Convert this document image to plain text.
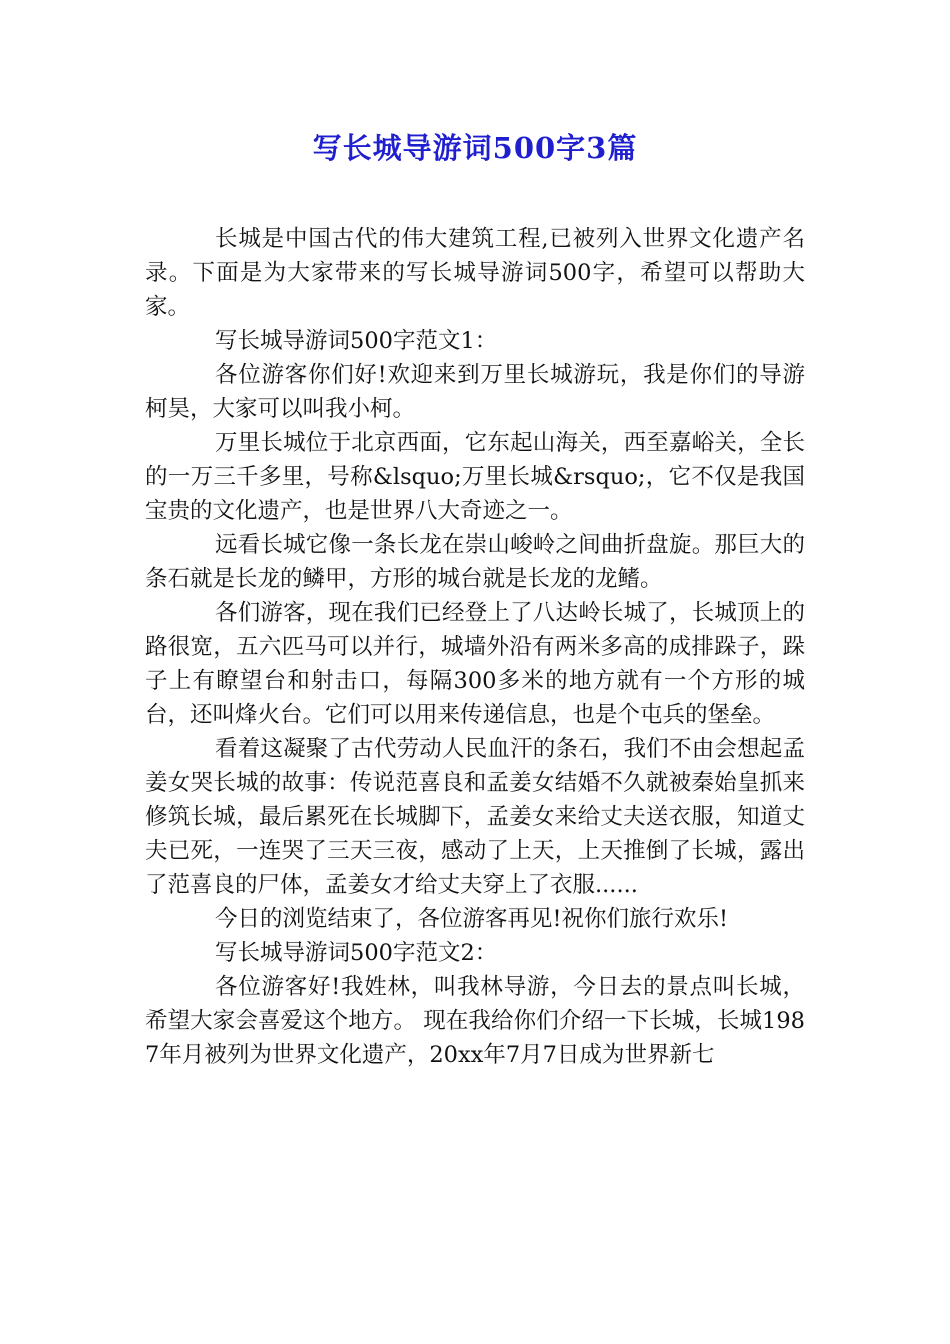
写长城导游词500字3篇

长城是中国古代的伟大建筑工程,已被列入世界文化遗产名录。下面是为大家带来的写长城导游词500字，希望可以帮助大家。

写长城导游词500字范文1：

各位游客你们好!欢迎来到万里长城游玩，我是你们的导游柯昊，大家可以叫我小柯。

万里长城位于北京西面，它东起山海关，西至嘉峪关，全长的一万三千多里，号称&lsquo;万里长城&rsquo;，它不仅是我国宝贵的文化遗产，也是世界八大奇迹之一。

远看长城它像一条长龙在崇山峻岭之间曲折盘旋。那巨大的条石就是长龙的鳞甲，方形的城台就是长龙的龙鳍。

各们游客，现在我们已经登上了八达岭长城了，长城顶上的路很宽，五六匹马可以并行，城墙外沿有两米多高的成排跺子，跺子上有瞭望台和射击口，每隔300多米的地方就有一个方形的城台，还叫烽火台。它们可以用来传递信息，也是个屯兵的堡垒。

看着这凝聚了古代劳动人民血汗的条石，我们不由会想起孟姜女哭长城的故事：传说范喜良和孟姜女结婚不久就被秦始皇抓来修筑长城，最后累死在长城脚下，孟姜女来给丈夫送衣服，知道丈夫已死，一连哭了三天三夜，感动了上天，上天推倒了长城，露出了范喜良的尸体，孟姜女才给丈夫穿上了衣服......

今日的浏览结束了，各位游客再见!祝你们旅行欢乐!

写长城导游词500字范文2：

各位游客好!我姓林，叫我林导游，今日去的景点叫长城，希望大家会喜爱这个地方。 现在我给你们介绍一下长城，长城1987年月被列为世界文化遗产，20xx年7月7日成为世界新七
